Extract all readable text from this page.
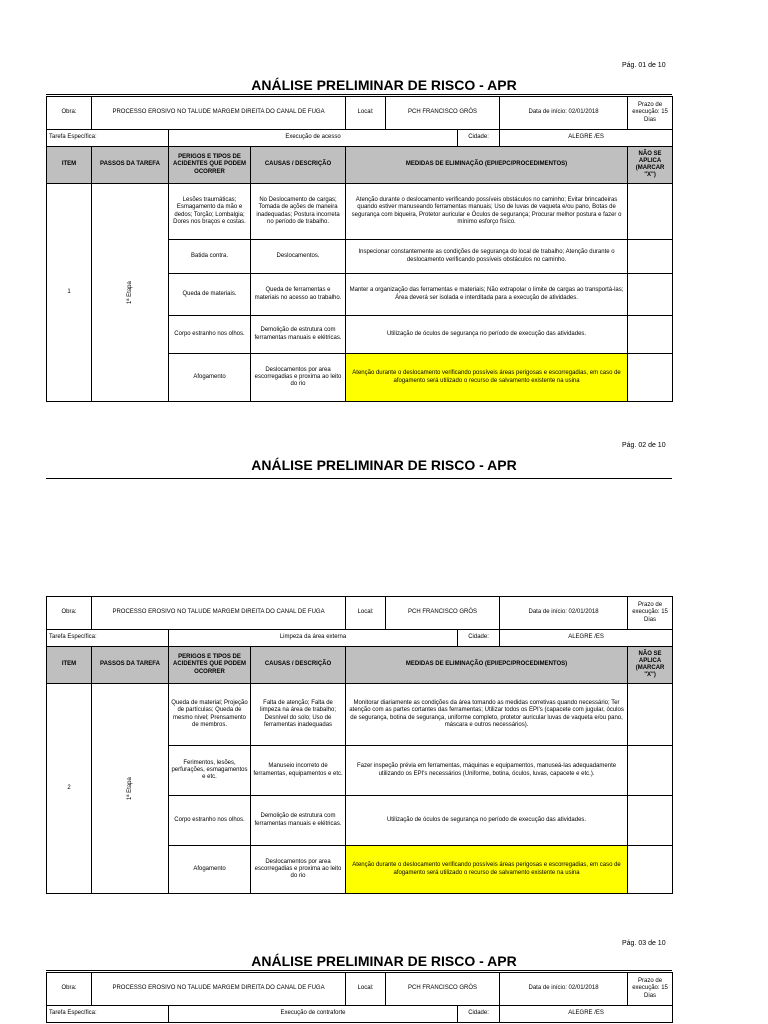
Pág. 01 de 10
ANÁLISE PRELIMINAR DE RISCO - APR
Obra:	PROCESSO EROSIVO NO TALUDE MARGEM DIREITA DO CANAL DE FUGA			Local:	PCH FRANCISCO GRÓS		Data de início: 02/01/2018	Prazo de execução: 15 Dias
Tarefa Específica:		Execução de acesso				Cidade:	ALEGRE /ES	
ITEM	PASSOS DA TAREFA	PERIGOS E TIPOS DE ACIDENTES QUE PODEM OCORRER	CAUSAS / DESCRIÇÃO	MEDIDAS DE ELIMINAÇÃO (EPI/EPC/PROCEDIMENTOS)				NÃO SE APLICA (MARCAR "X")
1	1ª Etapa	Lesões traumáticas; Esmagamento da mão e dedos; Torção; Lombalgia; Dores nos braços e costas.	No Deslocamento de cargas; Tomada de ações de maneira inadequadas; Postura incorreta no período de trabalho.	Atenção durante o deslocamento verificando possíveis obstáculos no caminho; Evitar brincadeiras quando estiver manuseando ferramentas manuais; Uso de luvas de vaqueta e/ou pano, Botas de segurança com biqueira, Protetor auricular e Óculos de segurança; Procurar melhor postura e fazer o mínimo esforço físico.				
		Batida contra.	Deslocamentos.	Inspecionar constantemente as condições de segurança do local de trabalho; Atenção durante o deslocamento verificando possíveis obstáculos no caminho.				
		Queda de materiais.	Queda de ferramentas e materiais no acesso ao trabalho.	Manter a organização das ferramentas e materiais; Não extrapolar o limite de cargas ao transportá-las; Área deverá ser isolada e interditada para a execução de atividades.				
		Corpo estranho nos olhos.	Demolição de estrutura com ferramentas manuais e elétricas.	Utilização de óculos de segurança no período de execução das atividades.				
		Afogamento	Deslocamentos por area escorregadias e proxima ao leito do rio	Atenção durante o deslocamento verificando possíveis áreas perigosas e escorregadias, em caso de afogamento será utilizado o recurso de salvamento existente na usina				
Pág. 02 de 10
ANÁLISE PRELIMINAR DE RISCO - APR
Obra:	PROCESSO EROSIVO NO TALUDE MARGEM DIREITA DO CANAL DE FUGA			Local:	PCH FRANCISCO GRÓS		Data de início: 02/01/2018	Prazo de execução: 15 Dias
Tarefa Específica:		Limpeza da área externa				Cidade:	ALEGRE /ES	
ITEM	PASSOS DA TAREFA	PERIGOS E TIPOS DE ACIDENTES QUE PODEM OCORRER	CAUSAS / DESCRIÇÃO	MEDIDAS DE ELIMINAÇÃO (EPI/EPC/PROCEDIMENTOS)				NÃO SE APLICA (MARCAR "X")
2	1ª Etapa	Queda de material; Projeção de partículas; Queda de mesmo nível; Prensamento de membros.	Falta de atenção; Falta de limpeza na área de trabalho; Desnível do solo; Uso de ferramentas inadequadas	Monitorar diariamente as condições da área tomando as medidas corretivas quando necessário; Ter atenção com as partes cortantes das ferramentas; Utilizar todos os EPI's (capacete com jugular, óculos de segurança, botina de segurança, uniforme completo, protetor auricular luvas de vaqueta e/ou pano, máscara e outros necessários).				
		Ferimentos, lesões, perfurações, esmagamentos e etc.	Manuseio incorreto de ferramentas, equipamentos e etc.	Fazer inspeção prévia em ferramentas, máquinas e equipamentos, manuseá-las adequadamente utilizando os EPI's necessários (Uniforme, botina, óculos, luvas, capacete e etc.).				
		Corpo estranho nos olhos.	Demolição de estrutura com ferramentas manuais e elétricas.	Utilização de óculos de segurança no período de execução das atividades.				
		Afogamento	Deslocamentos por area escorregadias e proxima ao leito do rio	Atenção durante o deslocamento verificando possíveis áreas perigosas e escorregadias, em caso de afogamento será utilizado o recurso de salvamento existente na usina				
Pág. 03 de 10
ANÁLISE PRELIMINAR DE RISCO - APR
Obra:	PROCESSO EROSIVO NO TALUDE MARGEM DIREITA DO CANAL DE FUGA		Local:	PCH FRANCISCO GRÓS		Data de início: 02/01/2018	Prazo de execução: 15 Dias
Tarefa Específica:		Execução de contraforte			Cidade:	ALEGRE /ES	
